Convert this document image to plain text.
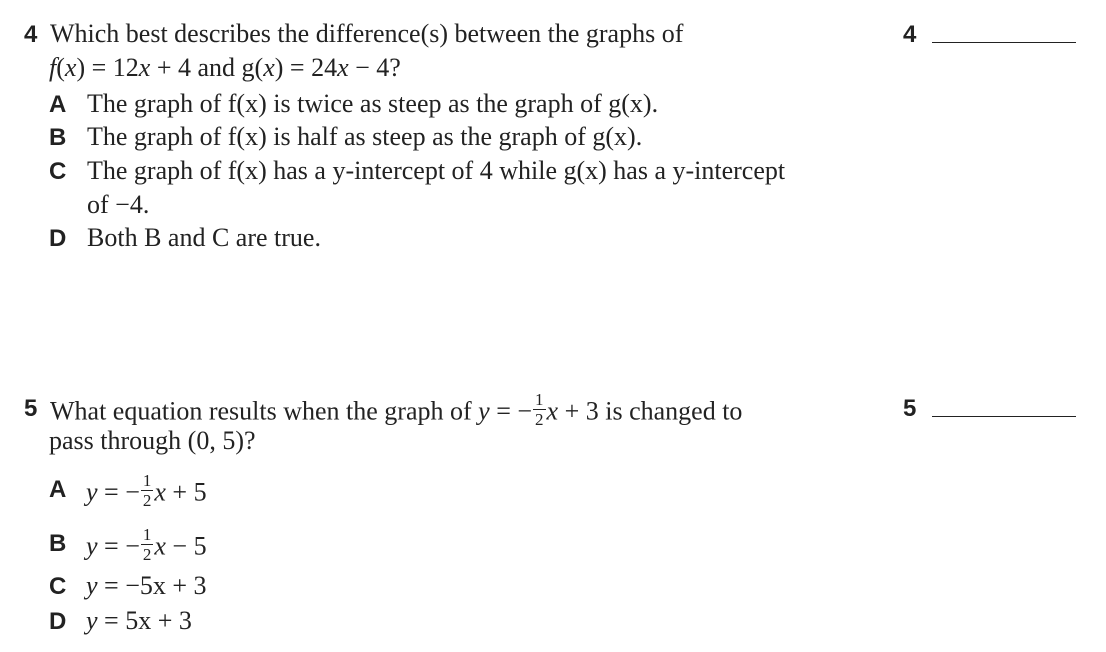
4 Which best describes the difference(s) between the graphs of
f(x) = 12x + 4 and g(x) = 24x − 4?
4
A The graph of f(x) is twice as steep as the graph of g(x).
B The graph of f(x) is half as steep as the graph of g(x).
C The graph of f(x) has a y-intercept of 4 while g(x) has a y-intercept
of −4.
D Both B and C are true.
5 What equation results when the graph of y = − $\frac{1}{2}$ x + 3 is changed to
pass through (0, 5)?
5
A y = − $\frac{1}{2}$ x + 5
B y = − $\frac{1}{2}$ x − 5
C y = −5x + 3
D y = 5x + 3
